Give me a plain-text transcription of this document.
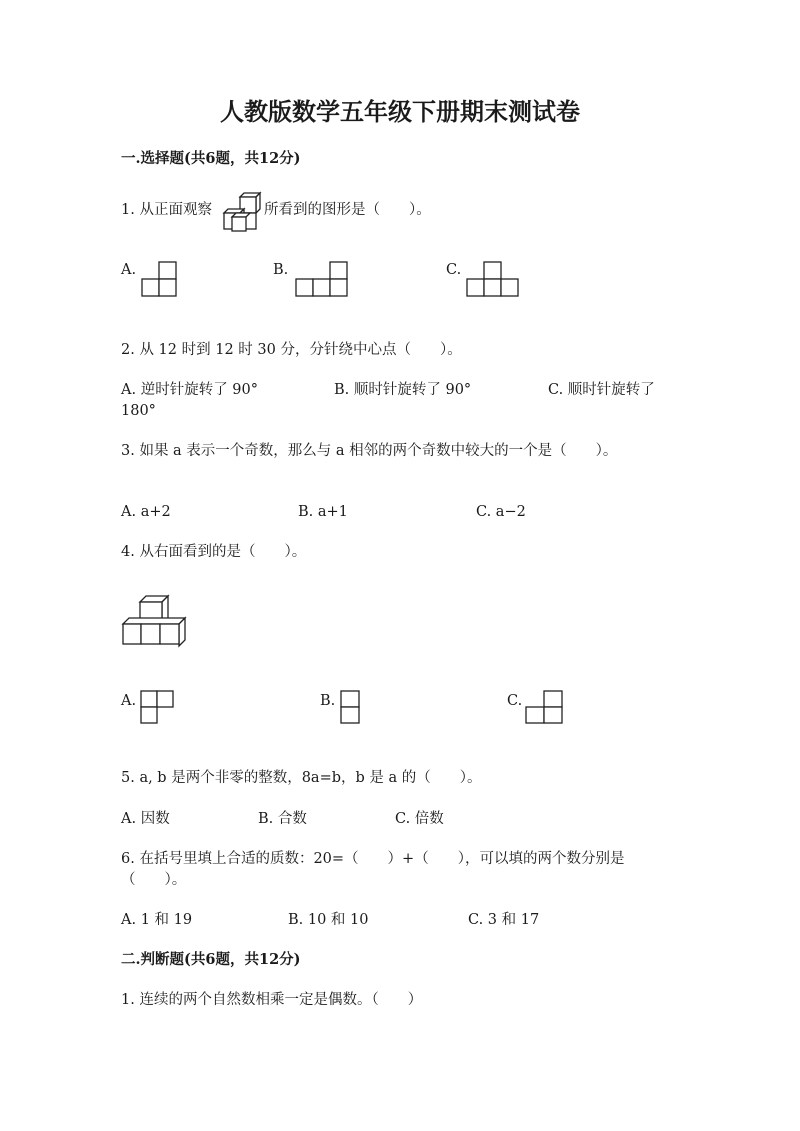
人教版数学五年级下册期末测试卷
一.选择题(共6题，共12分)
1. 从正面观察	所看到的图形是（　　）。
A.	B.	C.
2. 从 12 时到 12 时 30 分，分针绕中心点（　　）。
A. 逆时针旋转了 90°	B. 顺时针旋转了 90°	C. 顺时针旋转了
180°
3. 如果 a 表示一个奇数，那么与 a 相邻的两个奇数中较大的一个是（　　）。
A. a+2	B. a+1	C. a−2
4. 从右面看到的是（　　）。
A.	B.	C.
5. a, b 是两个非零的整数，8a=b，b 是 a 的（　　）。
A. 因数	B. 合数	C. 倍数
6. 在括号里填上合适的质数：20=（　　）+（　　），可以填的两个数分别是
（　　）。
A. 1 和 19	B. 10 和 10	C. 3 和 17
二.判断题(共6题，共12分)
1. 连续的两个自然数相乘一定是偶数。（　　）
